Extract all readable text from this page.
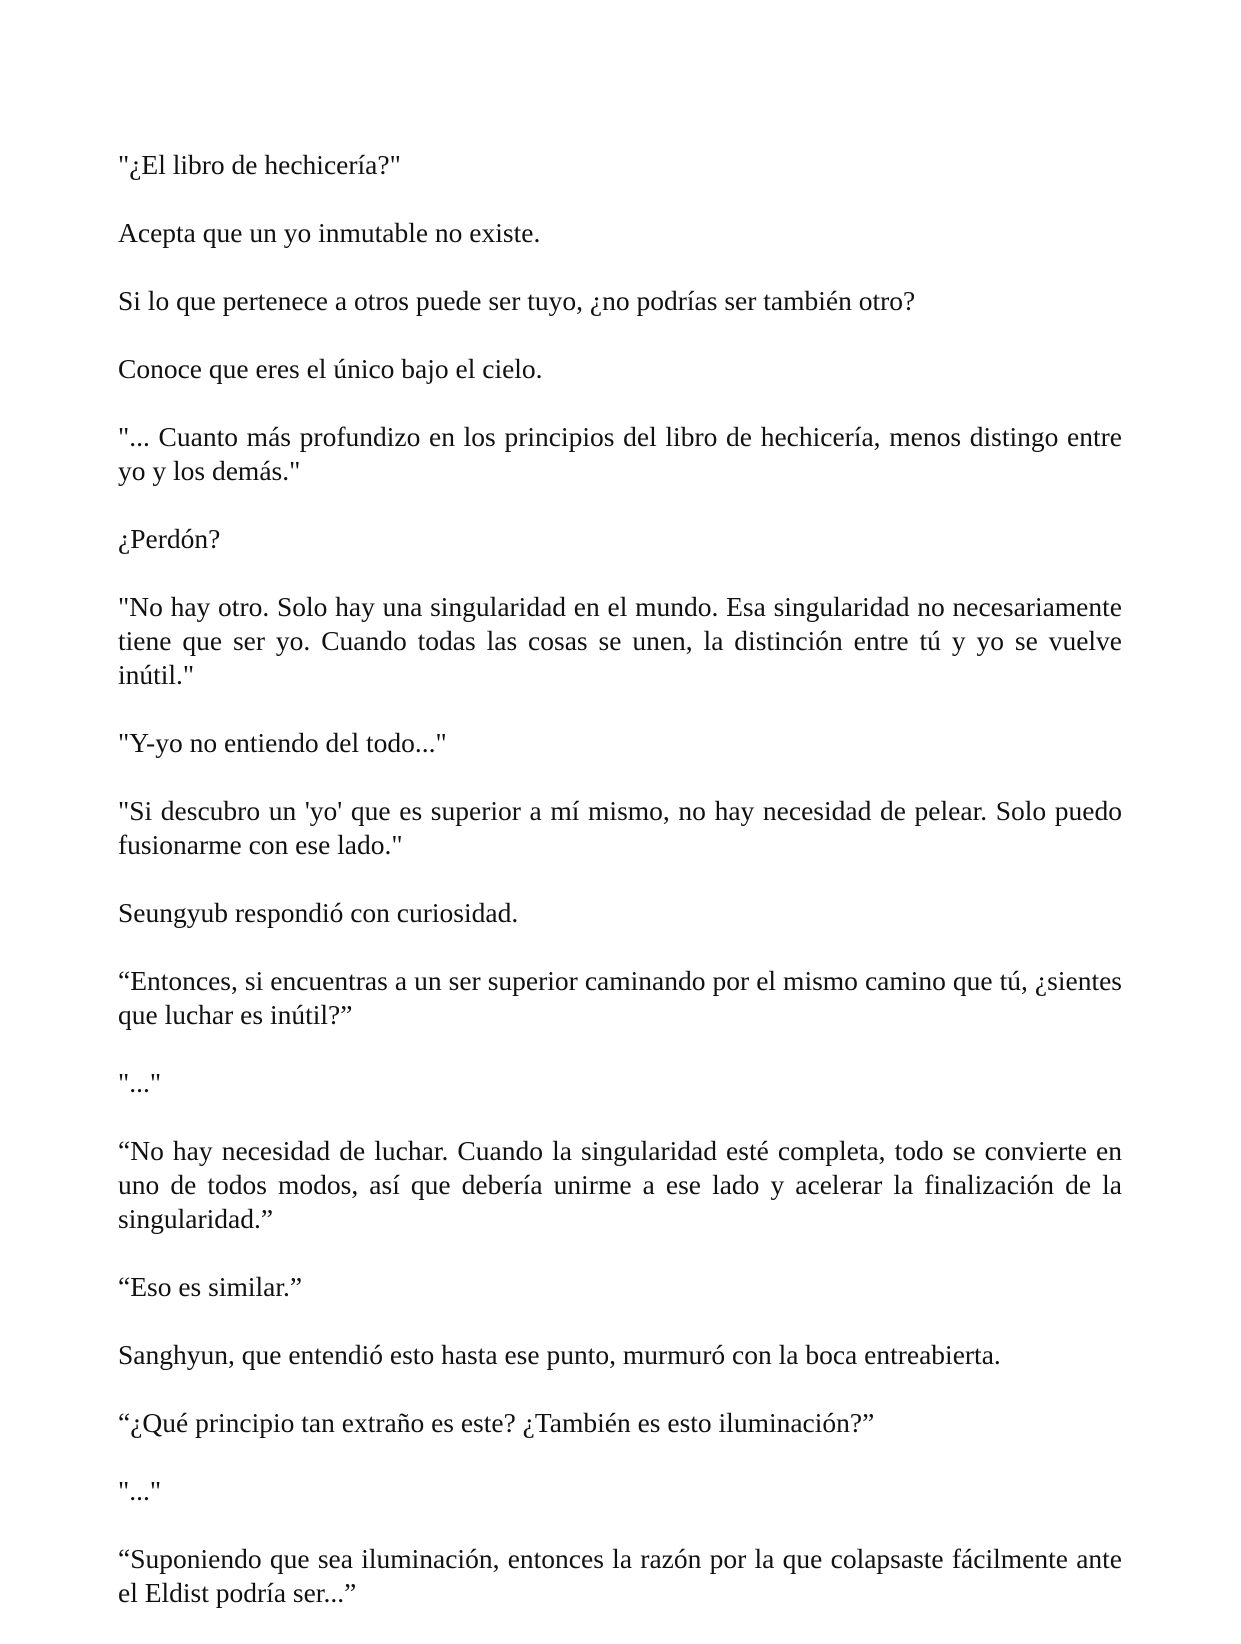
"¿El libro de hechicería?"

Acepta que un yo inmutable no existe.

Si lo que pertenece a otros puede ser tuyo, ¿no podrías ser también otro?

Conoce que eres el único bajo el cielo.

"... Cuanto más profundizo en los principios del libro de hechicería, menos distingo entre yo y los demás."

¿Perdón?

"No hay otro. Solo hay una singularidad en el mundo. Esa singularidad no necesariamente tiene que ser yo. Cuando todas las cosas se unen, la distinción entre tú y yo se vuelve inútil."

"Y-yo no entiendo del todo..."

"Si descubro un 'yo' que es superior a mí mismo, no hay necesidad de pelear. Solo puedo fusionarme con ese lado."

Seungyub respondió con curiosidad.

“Entonces, si encuentras a un ser superior caminando por el mismo camino que tú, ¿sientes que luchar es inútil?”

"..."

“No hay necesidad de luchar. Cuando la singularidad esté completa, todo se convierte en uno de todos modos, así que debería unirme a ese lado y acelerar la finalización de la singularidad.”

“Eso es similar.”

Sanghyun, que entendió esto hasta ese punto, murmuró con la boca entreabierta.

“¿Qué principio tan extraño es este? ¿También es esto iluminación?”

"..."

“Suponiendo que sea iluminación, entonces la razón por la que colapsaste fácilmente ante el Eldist podría ser...”
